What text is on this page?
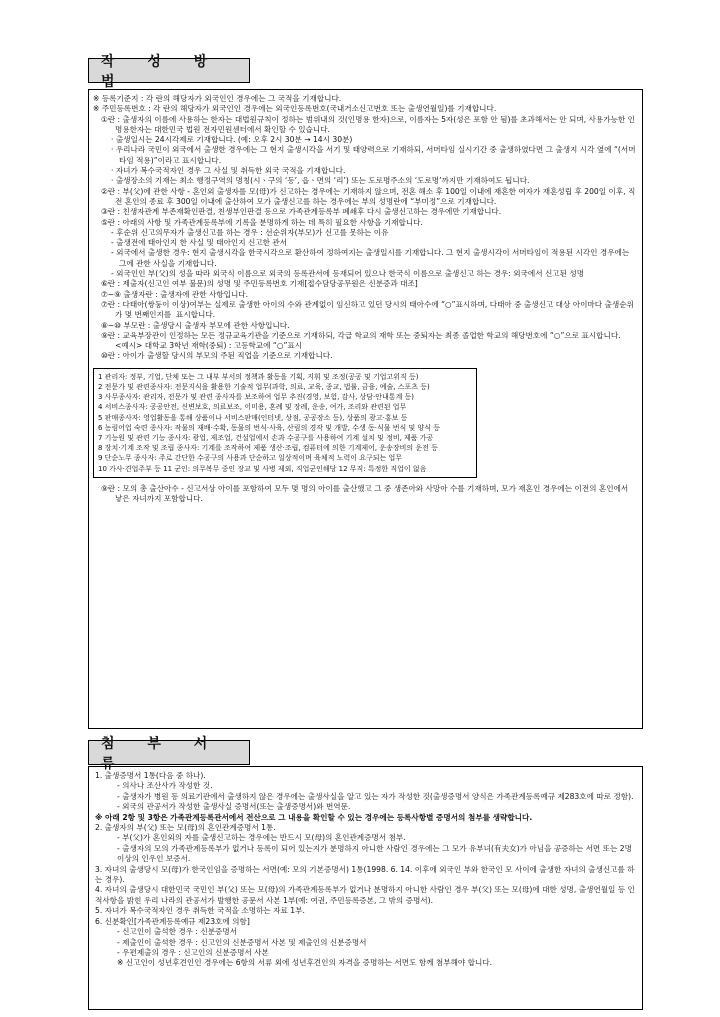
작 성 방 법

※ 등록기준지 : 각 란의 해당자가 외국인인 경우에는 그 국적을 기재합니다.

※ 주민등록번호 : 각 란의 해당자가 외국인인 경우에는 외국인등록번호(국내거소신고번호 또는 출생연월일)를 기재합니다.

①란 : 출생자의 이름에 사용하는 한자는 대법원규칙이 정하는 범위내의 것(인명용 한자)으로, 이름자는 5자(성은 포함 안 됨)를 초과해서는 안 되며, 사용가능한 인명용한자는 대한민국 법원 전자민원센터에서 확인할 수 있습니다.

· 출생일시는 24시각제로 기재합니다. (예: 오후 2시 30분 → 14시 30분)

· 우리나라 국민이 외국에서 출생한 경우에는 그 현지 출생시각을 서기 및 태양력으로 기재하되, 서머타임 실시기간 중 출생하였다면 그 출생지 시각 옆에 “(서머타임 적용)”이라고 표시합니다.

· 자녀가 복수국적자인 경우 그 사실 및 취득한 외국 국적을 기재합니다.

· 출생장소의 기재는 최소 행정구역의 명칭(시ㆍ구의 ‘동’, 읍ㆍ면의 ‘리’) 또는 도로명주소의 ‘도로명’까지만 기재하여도 됩니다.

②란 : 부(父)에 관한 사항 - 혼인외 출생자를 모(母)가 신고하는 경우에는 기재하지 않으며, 전혼 해소 후 100일 이내에 재혼한 여자가 재혼성립 후 200일 이후, 직전 혼인의 종료 후 300일 이내에 출산하여 모가 출생신고를 하는 경우에는 부의 성명란에 “부미정”으로 기재합니다.

③란 : 친생자관계 부존재확인판결, 친생부인판결 등으로 가족관계등록부 폐쇄후 다시 출생신고하는 경우에만 기재합니다.

⑤란 : 아래의 사항 및 가족관계등록부에 기록을 분명하게 하는 데 특히 필요한 사항을 기재합니다.

- 후순위 신고의무자가 출생신고를 하는 경우 : 선순위자(부모)가 신고를 못하는 이유

- 출생전에 태아인지 한 사실 및 태아인지 신고한 관서

- 외국에서 출생한 경우: 현지 출생시각을 한국시각으로 환산하여 정하여지는 출생일시를 기재합니다. 그 현지 출생시각이 서머타임이 적용된 시각인 경우에는 그에 관한 사실을 기재합니다.

- 외국인인 부(父)의 성을 따라 외국식 이름으로 외국의 등록관서에 등재되어 있으나 한국식 이름으로 출생신고 하는 경우: 외국에서 신고된 성명

⑥란 : 제출자(신고인 여부 불문)의 성명 및 주민등록번호 기재[접수담당공무원은 신분증과 대조]

⑦~⑨ 출생자란 : 출생자에 관한 사항입니다.

⑦란 : 다태아(쌍둥이 이상)여부는 실제로 출생한 아이의 수와 관계없이 임신하고 있던 당시의 태아수에 “○”표시하며, 다태아 중 출생신고 대상 아이마다 출생순위가 몇 번째인지를  표시합니다.

⑧~⑩ 부모란 : 출생당시 출생자 부모에 관한 사항입니다.

⑨란 : 교육부장관이 인정하는 모든 정규교육기관을 기준으로 기재하되, 각급 학교의 재학 또는 중퇴자는 최종 졸업한 학교의 해당번호에 “○”으로 표시합니다.

<예시> 대학교 3학년 재학(중퇴) : 고등학교에 “○”표시

⑩란 : 아이가 출생할 당시의 부모의 주된 직업을 기준으로 기재합니다.

1 관리자: 정부, 기업, 단체 또는 그 내부 부서의 정책과 활동을 기획, 지휘 및 조정(공공 및 기업고위직 등)

2 전문가 및 관련종사자: 전문지식을 활용한 기술적 업무(과학, 의료, 교육, 종교, 법률, 금융, 예술, 스포츠 등)

3 사무종사자: 관리자, 전문가 및 관련 종사자를 보조하여 업무 추진(경영, 보험, 감사, 상담·안내통계 등)

4 서비스종사자: 공공안전, 신변보호, 의료보조, 이미용, 혼례 및 장례, 운송, 여가, 조리와 관련된 업무

5 판매종사자: 영업활동을 통해 상품이나 서비스판매(인터넷, 상점, 공공장소 등), 상품의 광고·홍보 등

6 농림어업 숙련 종사자: 작물의 재배·수확, 동물의 번식·사육, 산림의 경작 및 개발, 수생 동·식물 번식 및 양식 등

7 기능원 및 관련 기능 종사자: 광업, 제조업, 건설업에서 손과 수공구를 사용하여 기계 설치 및 정비, 제품 가공

8 장치·기계 조작 및 조립 종사자: 기계를 조작하여 제품 생산·조립, 컴퓨터에 의한 기계제어, 운송장비의 운전 등

9 단순노무 종사자: 주로 간단한 수공구의 사용과 단순하고 일상적이며 육체적 노력이 요구되는 업무

10 가사·견업주부 등 11 군인: 의무복무 중인 장교 및 사병 제외, 직업군인해당 12 무직: 특정한 직업이 없음

⑨란 : 모의 총 출산아수 - 신고서상 아이를 포함하여 모두 몇 명의 아이를 출산했고 그 중 생존아와 사망아 수를 기재하며, 모가 재혼인 경우에는 이전의 혼인에서 낳은 자녀까지 포함합니다.

첨 부 서 류

1. 출생증명서 1통(다음 중 하나).

- 의사나 조산사가 작성한 것.

- 출생자가 병원 등 의료기관에서 출생하지 않은 경우에는 출생사실을 알고 있는 자가 작성한 것(출생증명서 양식은 가족관계등록예규 제283호에 따로 정함).

- 외국의 관공서가 작성한 출생사실 증명서(또는 출생증명서)와 번역문.

※ 아래 2항 및 3항은 가족관계등록관서에서 전산으로 그 내용을 확인할 수 있는 경우에는 등록사항별 증명서의 첨부를 생략합니다.

2. 출생자의 부(父) 또는 모(母)의 혼인관계증명서 1통.

- 부(父)가 혼인외의 자를 출생신고하는 경우에는 반드시 모(母)의 혼인관계증명서 첨부.

- 출생자의 모의 가족관계등록부가 없거나 등록이 되어 있는지가 분명하지 아니한 사람인 경우에는 그 모가 유부녀(有夫女)가 아님을 공증하는 서면 또는 2명 이상의 인우인 보증서.

3. 자녀의 출생당시 모(母)가 한국인임을 증명하는 서면(예: 모의 기본증명서) 1통(1998. 6. 14. 이후에 외국인 부와 한국인 모 사이에 출생한 자녀의 출생신고를 하는 경우).

4. 자녀의 출생당시 대한민국 국민인 부(父) 또는 모(母)의 가족관계등록부가 없거나 분명하지 아니한 사람인 경우 부(父) 또는 모(母)에 대한 성명, 출생연월일 등 인적사항을 밝힌 우리 나라의 관공서가 발행한 공문서 사본 1부(예: 여권, 주민등록증본, 그 밖의 증명서).

5. 자녀가 복수국적자인 경우 취득한 국적을 소명하는 자료 1부.

6. 신분확인[가족관계등록예규 제23호에 의함]

- 신고인이 출석한 경우 : 신분증명서

- 제출인이 출석한 경우 : 신고인의 신분증명서 사본 및 제출인의 신분증명서

- 우편제출의 경우 : 신고인의 신분증명서 사본

※ 신고인이 성년후견인인 경우에는 6항의 서류 외에 성년후견인의 자격을 증명하는 서면도 함께 첨부해야 합니다.
